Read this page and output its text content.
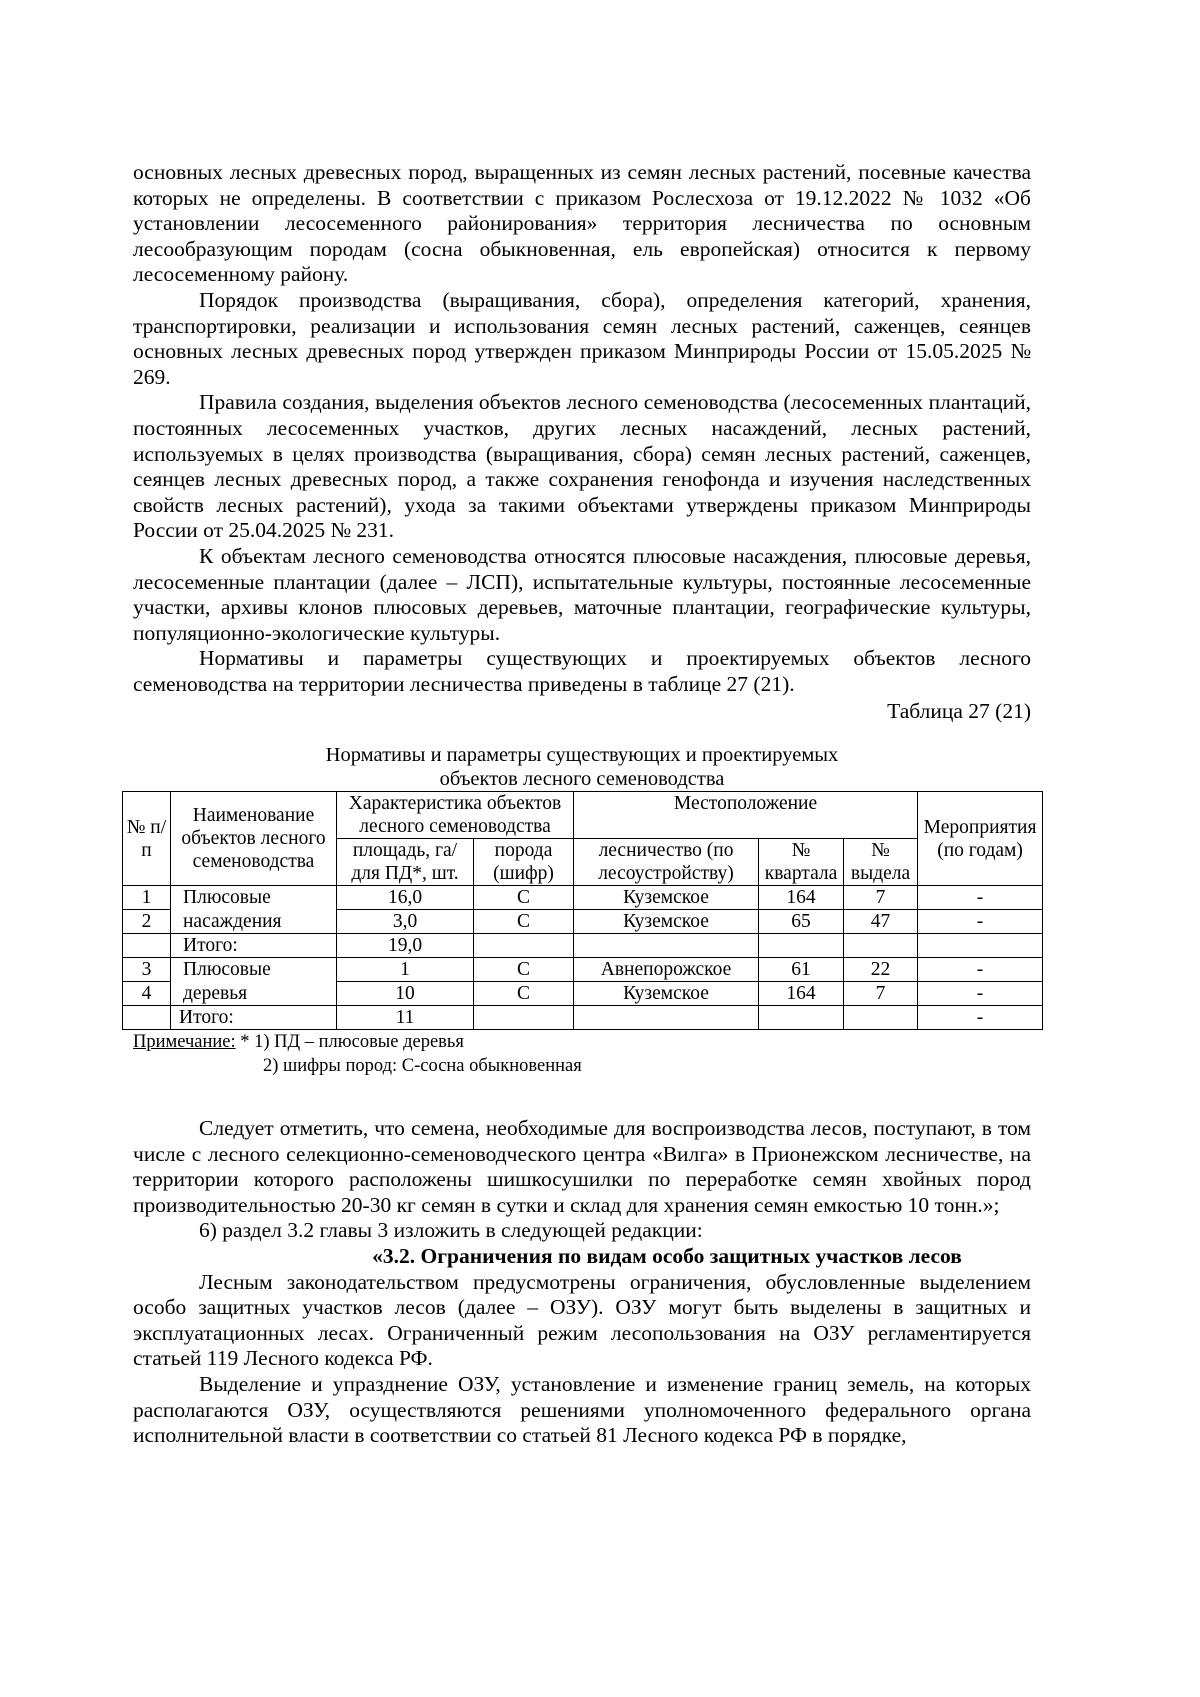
основных лесных древесных пород, выращенных из семян лесных растений, посевные качества которых не определены. В соответствии с приказом Рослесхоза от 19.12.2022 № 1032 «Об установлении лесосеменного районирования» территория лесничества по основным лесообразующим породам (сосна обыкновенная, ель европейская) относится к первому лесосеменному району.

Порядок производства (выращивания, сбора), определения категорий, хранения, транспортировки, реализации и использования семян лесных растений, саженцев, сеянцев основных лесных древесных пород утвержден приказом Минприроды России от 15.05.2025 № 269.

Правила создания, выделения объектов лесного семеноводства (лесосеменных плантаций, постоянных лесосеменных участков, других лесных насаждений, лесных растений, используемых в целях производства (выращивания, сбора) семян лесных растений, саженцев, сеянцев лесных древесных пород, а также сохранения генофонда и изучения наследственных свойств лесных растений), ухода за такими объектами утверждены приказом Минприроды России от 25.04.2025 № 231.

К объектам лесного семеноводства относятся плюсовые насаждения, плюсовые деревья, лесосеменные плантации (далее – ЛСП), испытательные культуры, постоянные лесосеменные участки, архивы клонов плюсовых деревьев, маточные плантации, географические культуры, популяционно-экологические культуры.

Нормативы и параметры существующих и проектируемых объектов лесного семеноводства на территории лесничества приведены в таблице 27 (21).

Таблица 27 (21)
Нормативы и параметры существующих и проектируемых
объектов лесного семеноводства
№ п/п	Наименование объектов лесного семеноводства	Характеристика объектов лесного семеноводства		Местоположение			Мероприятия (по годам)
		площадь, га/ для ПД*, шт.	порода (шифр)	лесничество (по лесоустройству)	№ квартала	№ выдела	
1	Плюсовые	16,0	С	Куземское	164	7	-
2	насаждения	3,0	С	Куземское	65	47	-
	Итого:	19,0					
3	Плюсовые	1	С	Авнепорожское	61	22	-
4	деревья	10	С	Куземское	164	7	-
	Итого:	11					-
Примечание: * 1) ПД – плюсовые деревья
2) шифры пород: С-сосна обыкновенная

Следует отметить, что семена, необходимые для воспроизводства лесов, поступают, в том числе с лесного селекционно-семеноводческого центра «Вилга» в Прионежском лесничестве, на территории которого расположены шишкосушилки по переработке семян хвойных пород производительностью 20-30 кг семян в сутки и склад для хранения семян емкостью 10 тонн.»;

6) раздел 3.2 главы 3 изложить в следующей редакции:

«3.2. Ограничения по видам особо защитных участков лесов

Лесным законодательством предусмотрены ограничения, обусловленные выделением особо защитных участков лесов (далее – ОЗУ). ОЗУ могут быть выделены в защитных и эксплуатационных лесах. Ограниченный режим лесопользования на ОЗУ регламентируется статьей 119 Лесного кодекса РФ.

Выделение и упразднение ОЗУ, установление и изменение границ земель, на которых располагаются ОЗУ, осуществляются решениями уполномоченного федерального органа исполнительной власти в соответствии со статьей 81 Лесного кодекса РФ в порядке,
